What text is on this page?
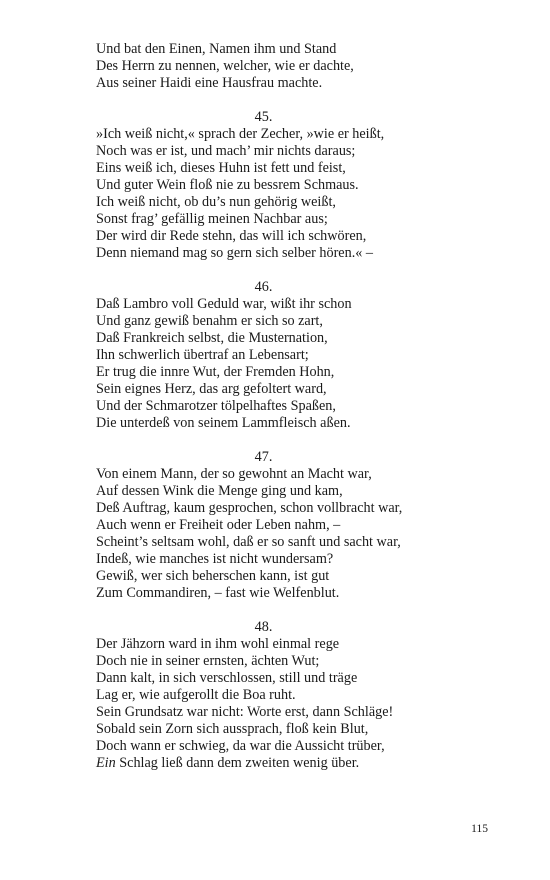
Und bat den Einen, Namen ihm und Stand
Des Herrn zu nennen, welcher, wie er dachte,
Aus seiner Haidi eine Hausfrau machte.
45.
»Ich weiß nicht,« sprach der Zecher, »wie er heißt,
Noch was er ist, und mach’ mir nichts daraus;
Eins weiß ich, dieses Huhn ist fett und feist,
Und guter Wein floß nie zu bessrem Schmaus.
Ich weiß nicht, ob du’s nun gehörig weißt,
Sonst frag’ gefällig meinen Nachbar aus;
Der wird dir Rede stehn, das will ich schwören,
Denn niemand mag so gern sich selber hören.« –
46.
Daß Lambro voll Geduld war, wißt ihr schon
Und ganz gewiß benahm er sich so zart,
Daß Frankreich selbst, die Musternation,
Ihn schwerlich übertraf an Lebensart;
Er trug die innre Wut, der Fremden Hohn,
Sein eignes Herz, das arg gefoltert ward,
Und der Schmarotzer tölpelhaftes Spaßen,
Die unterdeß von seinem Lammfleisch aßen.
47.
Von einem Mann, der so gewohnt an Macht war,
Auf dessen Wink die Menge ging und kam,
Deß Auftrag, kaum gesprochen, schon vollbracht war,
Auch wenn er Freiheit oder Leben nahm, –
Scheint’s seltsam wohl, daß er so sanft und sacht war,
Indeß, wie manches ist nicht wundersam?
Gewiß, wer sich beherschen kann, ist gut
Zum Commandiren, – fast wie Welfenblut.
48.
Der Jähzorn ward in ihm wohl einmal rege
Doch nie in seiner ernsten, ächten Wut;
Dann kalt, in sich verschlossen, still und träge
Lag er, wie aufgerollt die Boa ruht.
Sein Grundsatz war nicht: Worte erst, dann Schläge!
Sobald sein Zorn sich aussprach, floß kein Blut,
Doch wann er schwieg, da war die Aussicht trüber,
Ein Schlag ließ dann dem zweiten wenig über.
115
